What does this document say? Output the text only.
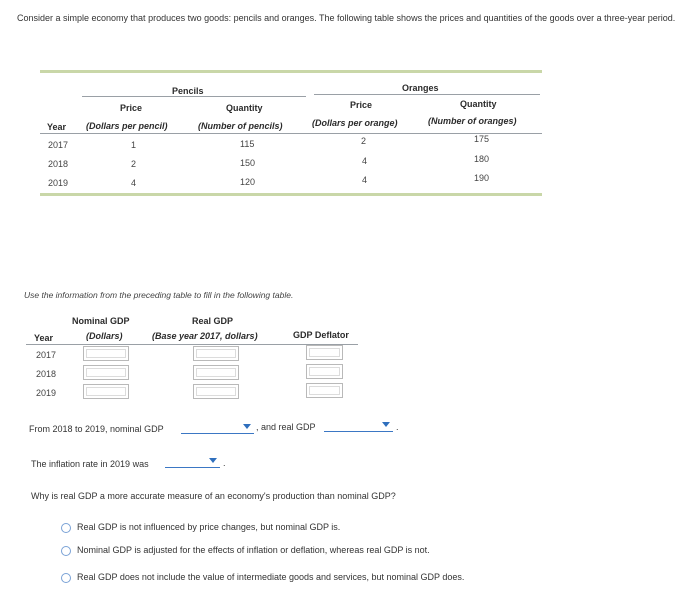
Consider a simple economy that produces two goods: pencils and oranges. The following table shows the prices and quantities of the goods over a three-year period.
Pencils	Oranges
Price
(Dollars per pencil)
Quantity
(Number of pencils)
Price
(Dollars per orange)
Quantity
(Number of oranges)
Year
2017	1	115	2	175
2018	2	150	4	180
2019	4	120	4	190
Use the information from the preceding table to fill in the following table.
Nominal GDP
(Dollars)
Real GDP
(Base year 2017, dollars)	GDP Deflator
Year
2017
2018
2019
From 2018 to 2019, nominal GDP	, and real GDP	.
The inflation rate in 2019 was	.
Why is real GDP a more accurate measure of an economy's production than nominal GDP?
Real GDP is not influenced by price changes, but nominal GDP is.
Nominal GDP is adjusted for the effects of inflation or deflation, whereas real GDP is not.
Real GDP does not include the value of intermediate goods and services, but nominal GDP does.
